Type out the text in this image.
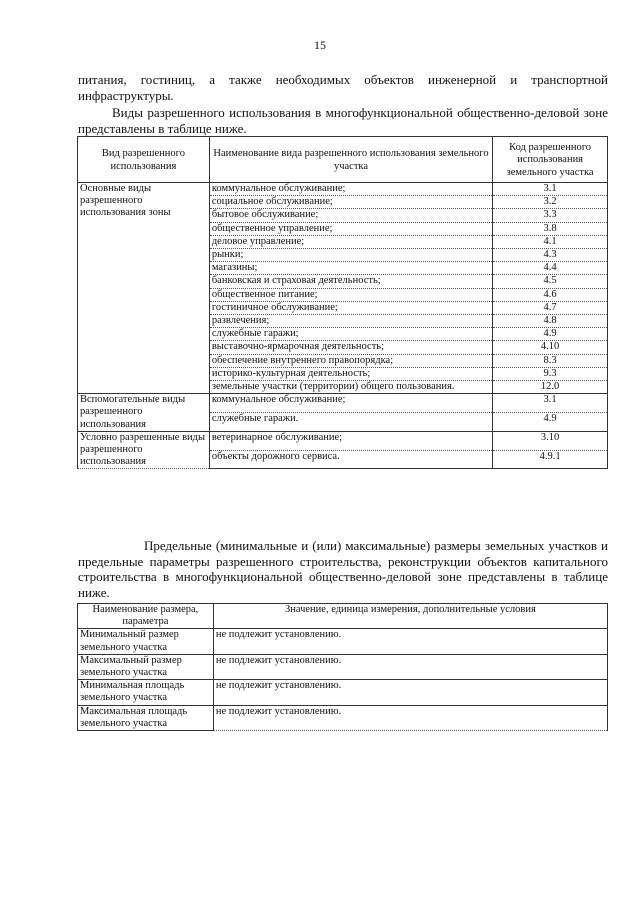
15
питания, гостиниц, а также необходимых объектов инженерной и транспортной инфраструктуры.
Виды разрешенного использования в многофункциональной общественно-деловой зоне представлены в таблице ниже.
Вид разрешенного использования	Наименование вида разрешенного использования земельного участка	Код разрешенного использования земельного участка
Основные виды разрешенного использования зоны	коммунальное обслуживание;	3.1
	социальное обслуживание;	3.2
	бытовое обслуживание;	3.3
	общественное управление;	3.8
	деловое управление;	4.1
	рынки;	4.3
	магазины;	4.4
	банковская и страховая деятельность;	4.5
	общественное питание;	4.6
	гостиничное обслуживание;	4.7
	развлечения;	4.8
	служебные гаражи;	4.9
	выставочно-ярмарочная деятельность;	4.10
	обеспечение внутреннего правопорядка;	8.3
	историко-культурная деятельность;	9.3
	земельные участки (территории) общего пользования.	12.0
Вспомогательные виды разрешенного использования	коммунальное обслуживание;	3.1
	служебные гаражи.	4.9
Условно разрешенные виды разрешенного использования	ветеринарное обслуживание;	3.10
	объекты дорожного сервиса.	4.9.1
Предельные (минимальные и (или) максимальные) размеры земельных участков и предельные параметры разрешенного строительства, реконструкции объектов капитального строительства в многофункциональной общественно-деловой зоне представлены в таблице ниже.
Наименование размера, параметра	Значение, единица измерения, дополнительные условия
Минимальный размер земельного участка	не подлежит установлению.
Максимальный размер земельного участка	не подлежит установлению.
Минимальная площадь земельного участка	не подлежит установлению.
Максимальная площадь земельного участка	не подлежит установлению.
